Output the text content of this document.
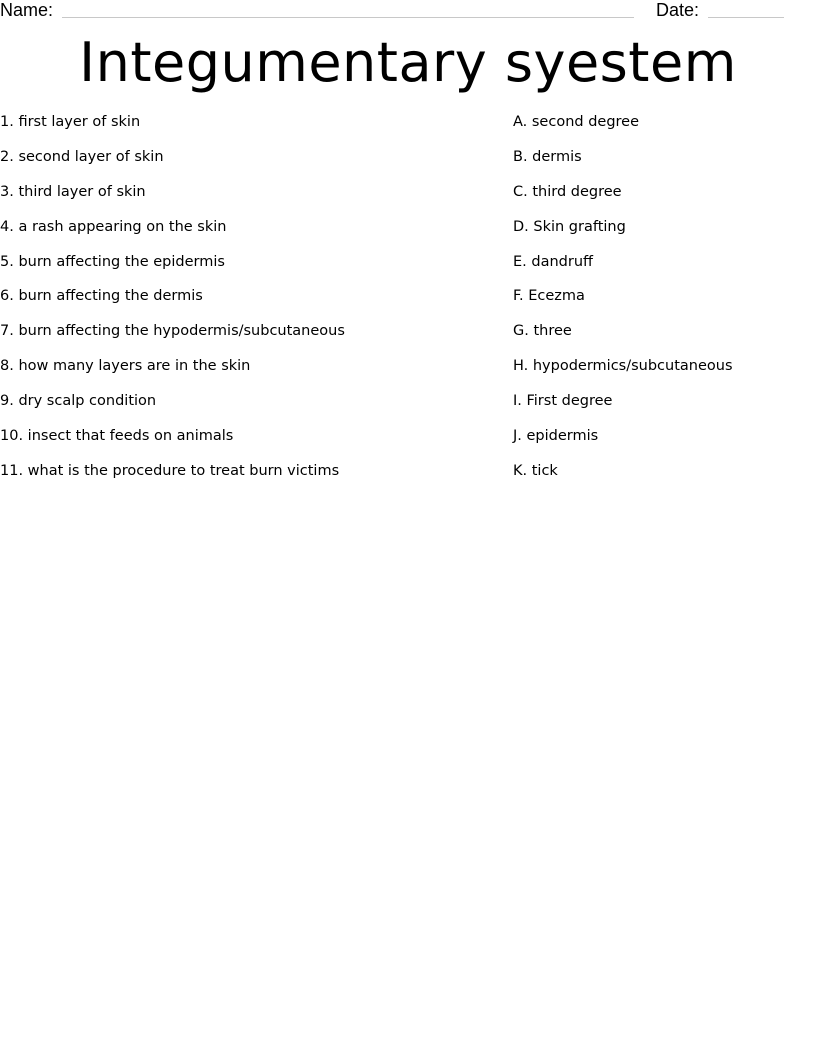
Name:	Date:
Integumentary syestem
1. first layer of skin
2. second layer of skin
3. third layer of skin
4. a rash appearing on the skin
5. burn affecting the epidermis
6. burn affecting the dermis
7. burn affecting the hypodermis/subcutaneous
8. how many layers are in the skin
9. dry scalp condition
10. insect that feeds on animals
11. what is the procedure to treat burn victims
A. second degree
B. dermis
C. third degree
D. Skin grafting
E. dandruff
F. Ecezma
G. three
H. hypodermics/subcutaneous
I. First degree
J. epidermis
K. tick
